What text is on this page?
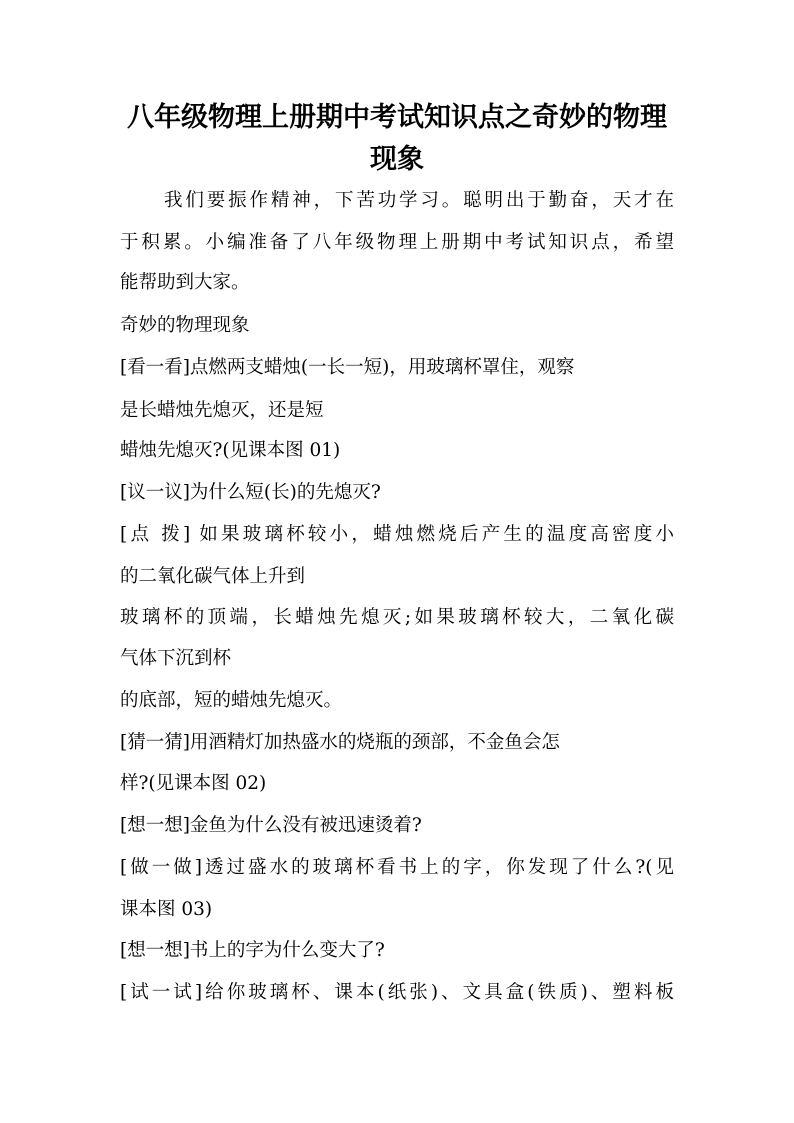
八年级物理上册期中考试知识点之奇妙的物理
现象
我们要振作精神，下苦功学习。聪明出于勤奋，天才在
于积累。小编准备了八年级物理上册期中考试知识点，希望
能帮助到大家。
奇妙的物理现象
[看一看]点燃两支蜡烛(一长一短)，用玻璃杯罩住，观察
是长蜡烛先熄灭，还是短
蜡烛先熄灭?(见课本图 01)
[议一议]为什么短(长)的先熄灭?
[点 拨] 如果玻璃杯较小，蜡烛燃烧后产生的温度高密度小
的二氧化碳气体上升到
玻璃杯的顶端，长蜡烛先熄灭;如果玻璃杯较大，二氧化碳
气体下沉到杯
的底部，短的蜡烛先熄灭。
[猜一猜]用酒精灯加热盛水的烧瓶的颈部，不金鱼会怎
样?(见课本图 02)
[想一想]金鱼为什么没有被迅速烫着?
[做一做]透过盛水的玻璃杯看书上的字，你发现了什么?(见
课本图 03)
[想一想]书上的字为什么变大了?
[试一试]给你玻璃杯、课本(纸张)、文具盒(铁质)、塑料板
